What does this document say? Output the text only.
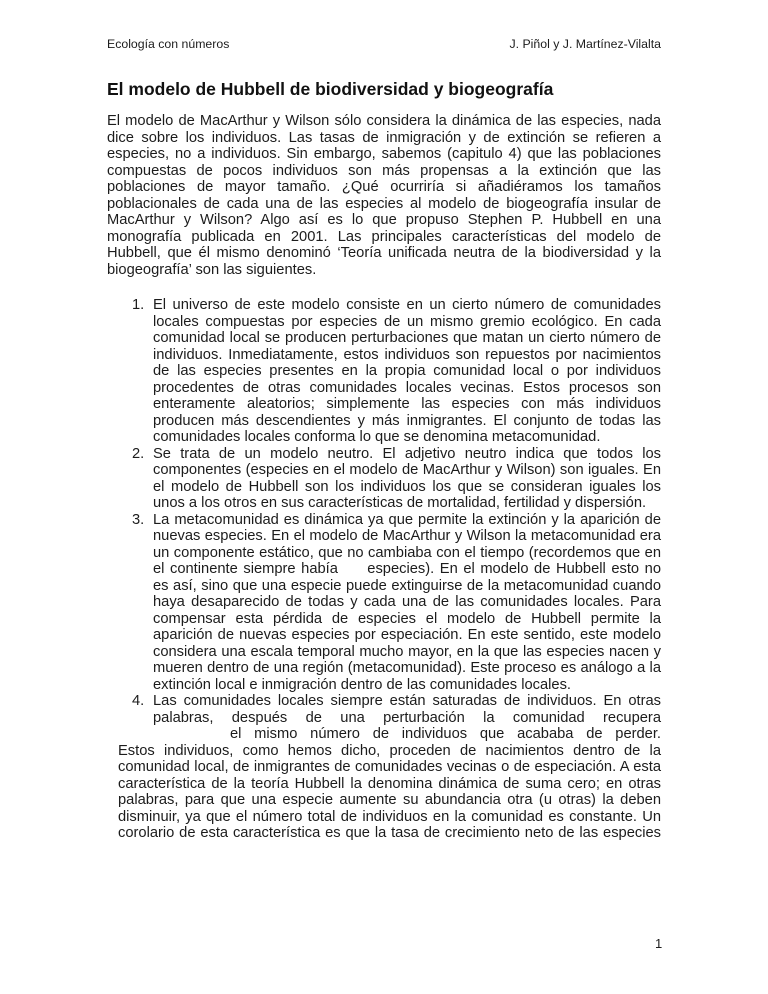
Ecología con números	J. Piñol y J. Martínez-Vilalta
El modelo de Hubbell de biodiversidad y biogeografía

El modelo de MacArthur y Wilson sólo considera la dinámica de las especies, nada dice sobre los individuos. Las tasas de inmigración y de extinción se refieren a especies, no a individuos. Sin embargo, sabemos (capitulo 4) que las poblaciones compuestas de pocos individuos son más propensas a la extinción que las poblaciones de mayor tamaño. ¿Qué ocurriría si añadiéramos los tamaños poblacionales de cada una de las especies al modelo de biogeografía insular de MacArthur y Wilson? Algo así es lo que propuso Stephen P. Hubbell en una monografía publicada en 2001. Las principales características del modelo de Hubbell, que él mismo denominó ‘Teoría unificada neutra de la biodiversidad y la biogeografía’ son las siguientes.

1. El universo de este modelo consiste en un cierto número de comunidades locales compuestas por especies de un mismo gremio ecológico. En cada comunidad local se producen perturbaciones que matan un cierto número de individuos. Inmediatamente, estos individuos son repuestos por nacimientos de las especies presentes en la propia comunidad local o por individuos procedentes de otras comunidades locales vecinas. Estos procesos son enteramente aleatorios; simplemente las especies con más individuos producen más descendientes y más inmigrantes. El conjunto de todas las comunidades locales conforma lo que se denomina metacomunidad.
2. Se trata de un modelo neutro. El adjetivo neutro indica que todos los componentes (especies en el modelo de MacArthur y Wilson) son iguales. En el modelo de Hubbell son los individuos los que se consideran iguales los unos a los otros en sus características de mortalidad, fertilidad y dispersión.
3. La metacomunidad es dinámica ya que permite la extinción y la aparición de nuevas especies. En el modelo de MacArthur y Wilson la metacomunidad era un componente estático, que no cambiaba con el tiempo (recordemos que en el continente siempre había  especies). En el modelo de Hubbell esto no es así, sino que una especie puede extinguirse de la metacomunidad cuando haya desaparecido de todas y cada una de las comunidades locales. Para compensar esta pérdida de especies el modelo de Hubbell permite la aparición de nuevas especies por especiación. En este sentido, este modelo considera una escala temporal mucho mayor, en la que las especies nacen y mueren dentro de una región (metacomunidad). Este proceso es análogo a la extinción local e inmigración dentro de las comunidades locales.
4. Las comunidades locales siempre están saturadas de individuos. En otras palabras, después de una perturbación la comunidad recupera
el mismo número de individuos que acababa de perder.
Estos individuos, como hemos dicho, proceden de nacimientos dentro de la comunidad local, de inmigrantes de comunidades vecinas o de especiación. A esta característica de la teoría Hubbell la denomina dinámica de suma cero; en otras palabras, para que una especie aumente su abundancia otra (u otras) la deben disminuir, ya que el número total de individuos en la comunidad es constante. Un corolario de esta característica es que la tasa de crecimiento neto de las especies
1
